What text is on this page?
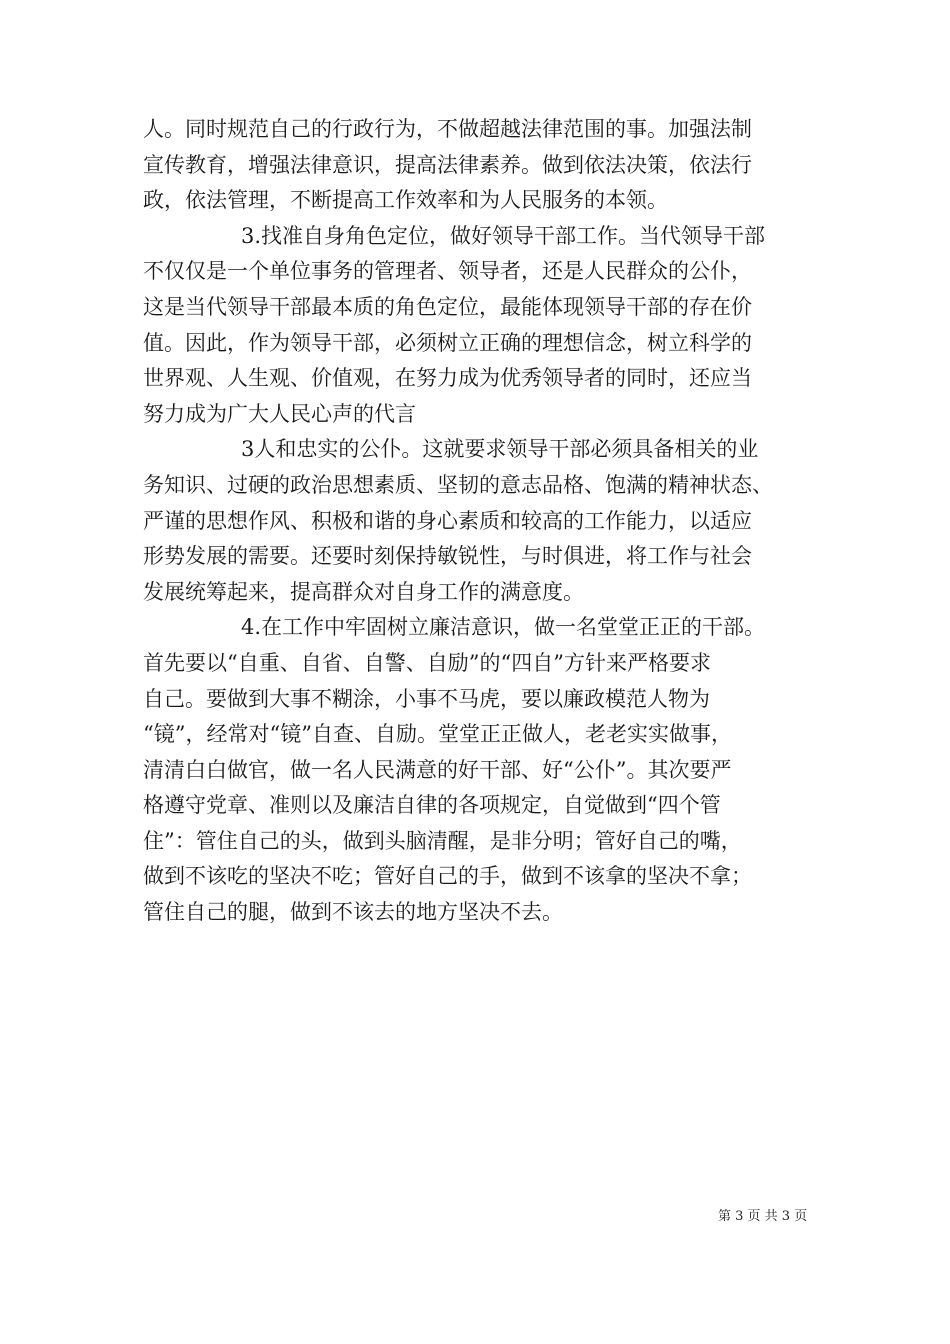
人。同时规范自己的行政行为，不做超越法律范围的事。加强法制
宣传教育，增强法律意识，提高法律素养。做到依法决策，依法行
政，依法管理，不断提高工作效率和为人民服务的本领。
3.找准自身角色定位，做好领导干部工作。当代领导干部
不仅仅是一个单位事务的管理者、领导者，还是人民群众的公仆，
这是当代领导干部最本质的角色定位，最能体现领导干部的存在价
值。因此，作为领导干部，必须树立正确的理想信念，树立科学的
世界观、人生观、价值观，在努力成为优秀领导者的同时，还应当
努力成为广大人民心声的代言
3人和忠实的公仆。这就要求领导干部必须具备相关的业
务知识、过硬的政治思想素质、坚韧的意志品格、饱满的精神状态、
严谨的思想作风、积极和谐的身心素质和较高的工作能力，以适应
形势发展的需要。还要时刻保持敏锐性，与时俱进，将工作与社会
发展统筹起来，提高群众对自身工作的满意度。
4.在工作中牢固树立廉洁意识，做一名堂堂正正的干部。
首先要以“自重、自省、自警、自励”的“四自”方针来严格要求
自己。要做到大事不糊涂，小事不马虎，要以廉政模范人物为
“镜”，经常对“镜”自查、自励。堂堂正正做人，老老实实做事，
清清白白做官，做一名人民满意的好干部、好“公仆”。其次要严
格遵守党章、准则以及廉洁自律的各项规定，自觉做到“四个管
住”：管住自己的头，做到头脑清醒，是非分明；管好自己的嘴，
做到不该吃的坚决不吃；管好自己的手，做到不该拿的坚决不拿；
管住自己的腿，做到不该去的地方坚决不去。
第 3 页 共 3 页
